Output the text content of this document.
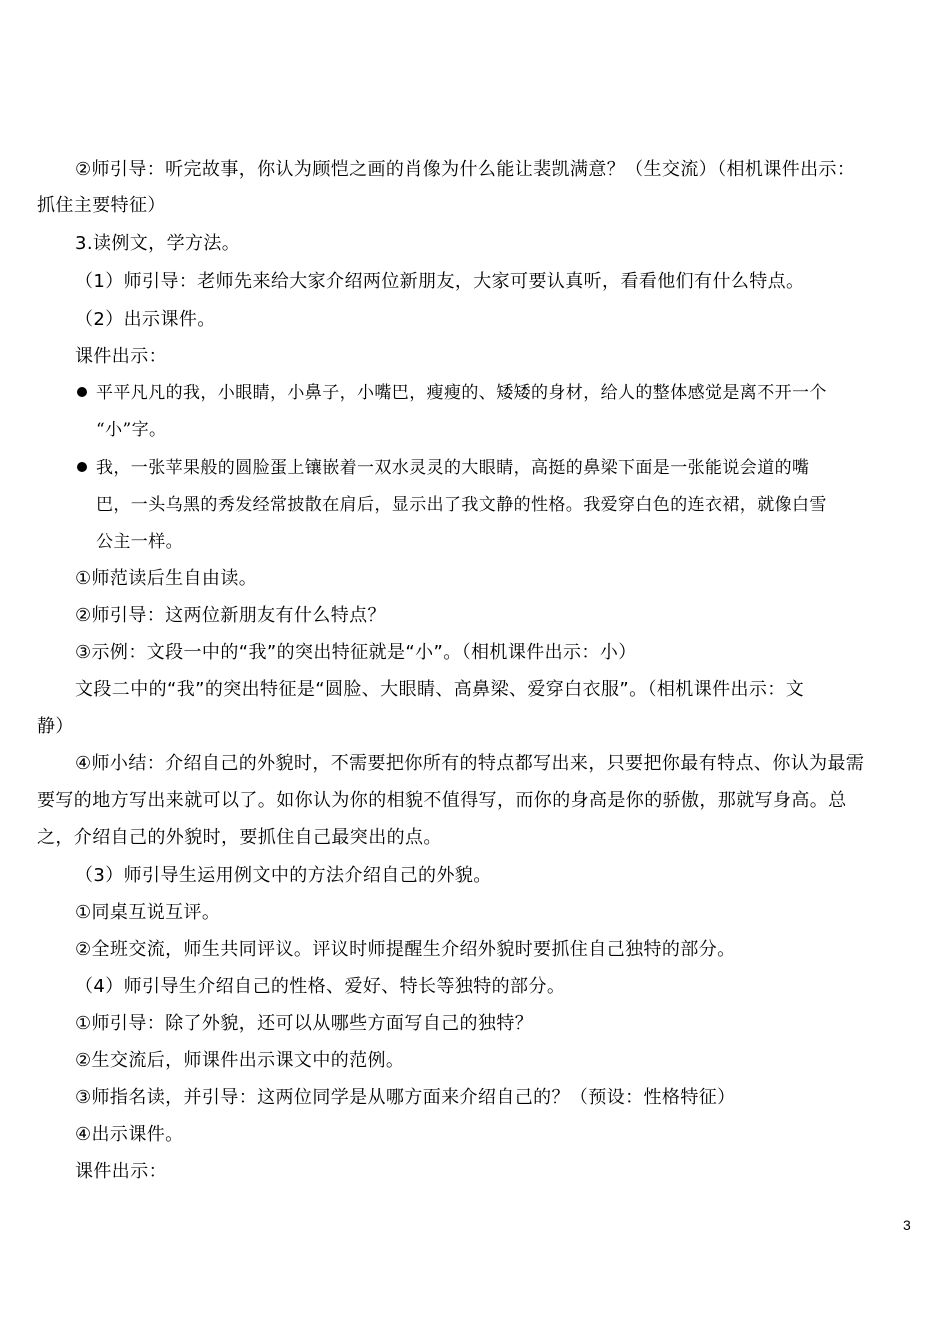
②师引导：听完故事，你认为顾恺之画的肖像为什么能让裴凯满意？（生交流）（相机课件出示：
抓住主要特征）
3.读例文，学方法。
（1）师引导：老师先来给大家介绍两位新朋友，大家可要认真听，看看他们有什么特点。
（2）出示课件。
课件出示：
平平凡凡的我，小眼睛，小鼻子，小嘴巴，瘦瘦的、矮矮的身材，给人的整体感觉是离不开一个
“小”字。
我，一张苹果般的圆脸蛋上镶嵌着一双水灵灵的大眼睛，高挺的鼻梁下面是一张能说会道的嘴
巴，一头乌黑的秀发经常披散在肩后，显示出了我文静的性格。我爱穿白色的连衣裙，就像白雪
公主一样。
①师范读后生自由读。
②师引导：这两位新朋友有什么特点？
③示例：文段一中的“我”的突出特征就是“小”。（相机课件出示：小）
文段二中的“我”的突出特征是“圆脸、大眼睛、高鼻梁、爱穿白衣服”。（相机课件出示：文
静）
④师小结：介绍自己的外貌时，不需要把你所有的特点都写出来，只要把你最有特点、你认为最需
要写的地方写出来就可以了。如你认为你的相貌不值得写，而你的身高是你的骄傲，那就写身高。总
之，介绍自己的外貌时，要抓住自己最突出的点。
（3）师引导生运用例文中的方法介绍自己的外貌。
①同桌互说互评。
②全班交流，师生共同评议。评议时师提醒生介绍外貌时要抓住自己独特的部分。
（4）师引导生介绍自己的性格、爱好、特长等独特的部分。
①师引导：除了外貌，还可以从哪些方面写自己的独特？
②生交流后，师课件出示课文中的范例。
③师指名读，并引导：这两位同学是从哪方面来介绍自己的？（预设：性格特征）
④出示课件。
课件出示：
3
